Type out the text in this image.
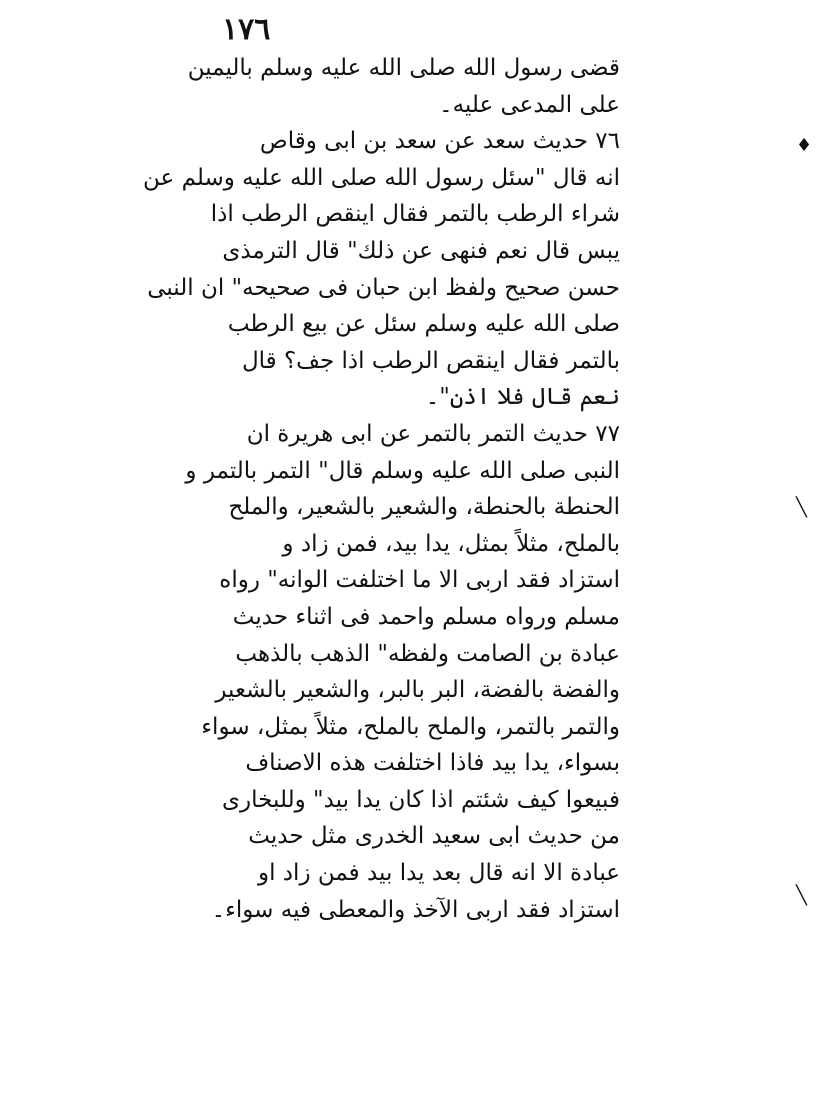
١٧٦
قضى رسول الله صلى الله عليه وسلم باليمين
على المدعى عليه۔
٧٦ حديث سعد عن سعد بن ابى وقاص
انه قال "سئل رسول الله صلى الله عليه وسلم عن
شراء الرطب بالتمر فقال اينقص الرطب اذا
يبس قال نعم فنهى عن ذلك" قال الترمذى
حسن صحيح ولفظ ابن حبان فى صحيحه" ان النبى
صلى الله عليه وسلم سئل عن بيع الرطب
بالتمر فقال اينقص الرطب اذا جف؟ قال
نعم قال فلا اذن"۔
٧٧ حديث التمر بالتمر عن ابى هريرة ان
النبى صلى الله عليه وسلم قال" التمر بالتمر و
الحنطة بالحنطة، والشعير بالشعير، والملح
بالملح، مثلاً بمثل، يدا بيد، فمن زاد و
استزاد فقد اربى الا ما اختلفت الوانه" رواه
مسلم ورواه مسلم واحمد فى اثناء حديث
عبادة بن الصامت ولفظه" الذهب بالذهب
والفضة بالفضة، البر بالبر، والشعير بالشعير
والتمر بالتمر، والملح بالملح، مثلاً بمثل، سواء
بسواء، يدا بيد فاذا اختلفت هذه الاصناف
فبيعوا كيف شئتم اذا كان يدا بيد" وللبخارى
من حديث ابى سعيد الخدرى مثل حديث
عبادة الا انه قال بعد يدا بيد فمن زاد او
استزاد فقد اربى الآخذ والمعطى فيه سواء۔
♦
╲
╲
